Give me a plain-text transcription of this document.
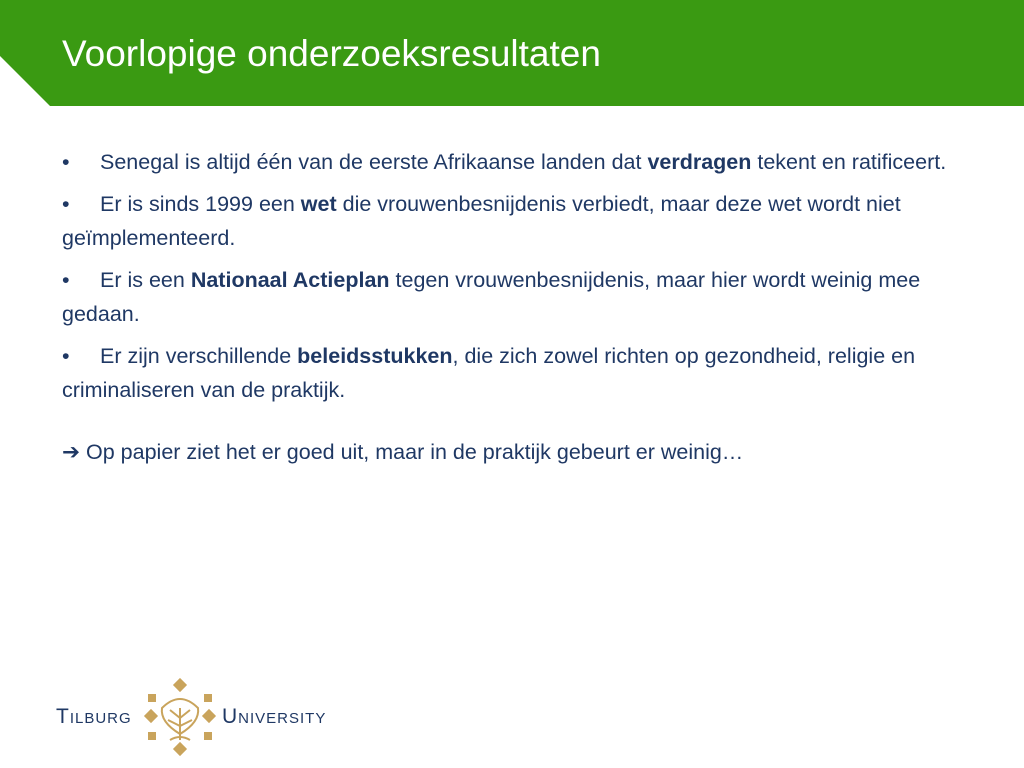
Voorlopige onderzoeksresultaten

• Senegal is altijd één van de eerste Afrikaanse landen dat verdragen tekent en ratificeert.

• Er is sinds 1999 een wet die vrouwenbesnijdenis verbiedt, maar deze wet wordt niet geïmplementeerd.

• Er is een Nationaal Actieplan tegen vrouwenbesnijdenis, maar hier wordt weinig mee gedaan.

• Er zijn verschillende beleidsstukken, die zich zowel richten op gezondheid, religie en criminaliseren van de praktijk.

➔ Op papier ziet het er goed uit, maar in de praktijk gebeurt er weinig…

Tilburg	University
